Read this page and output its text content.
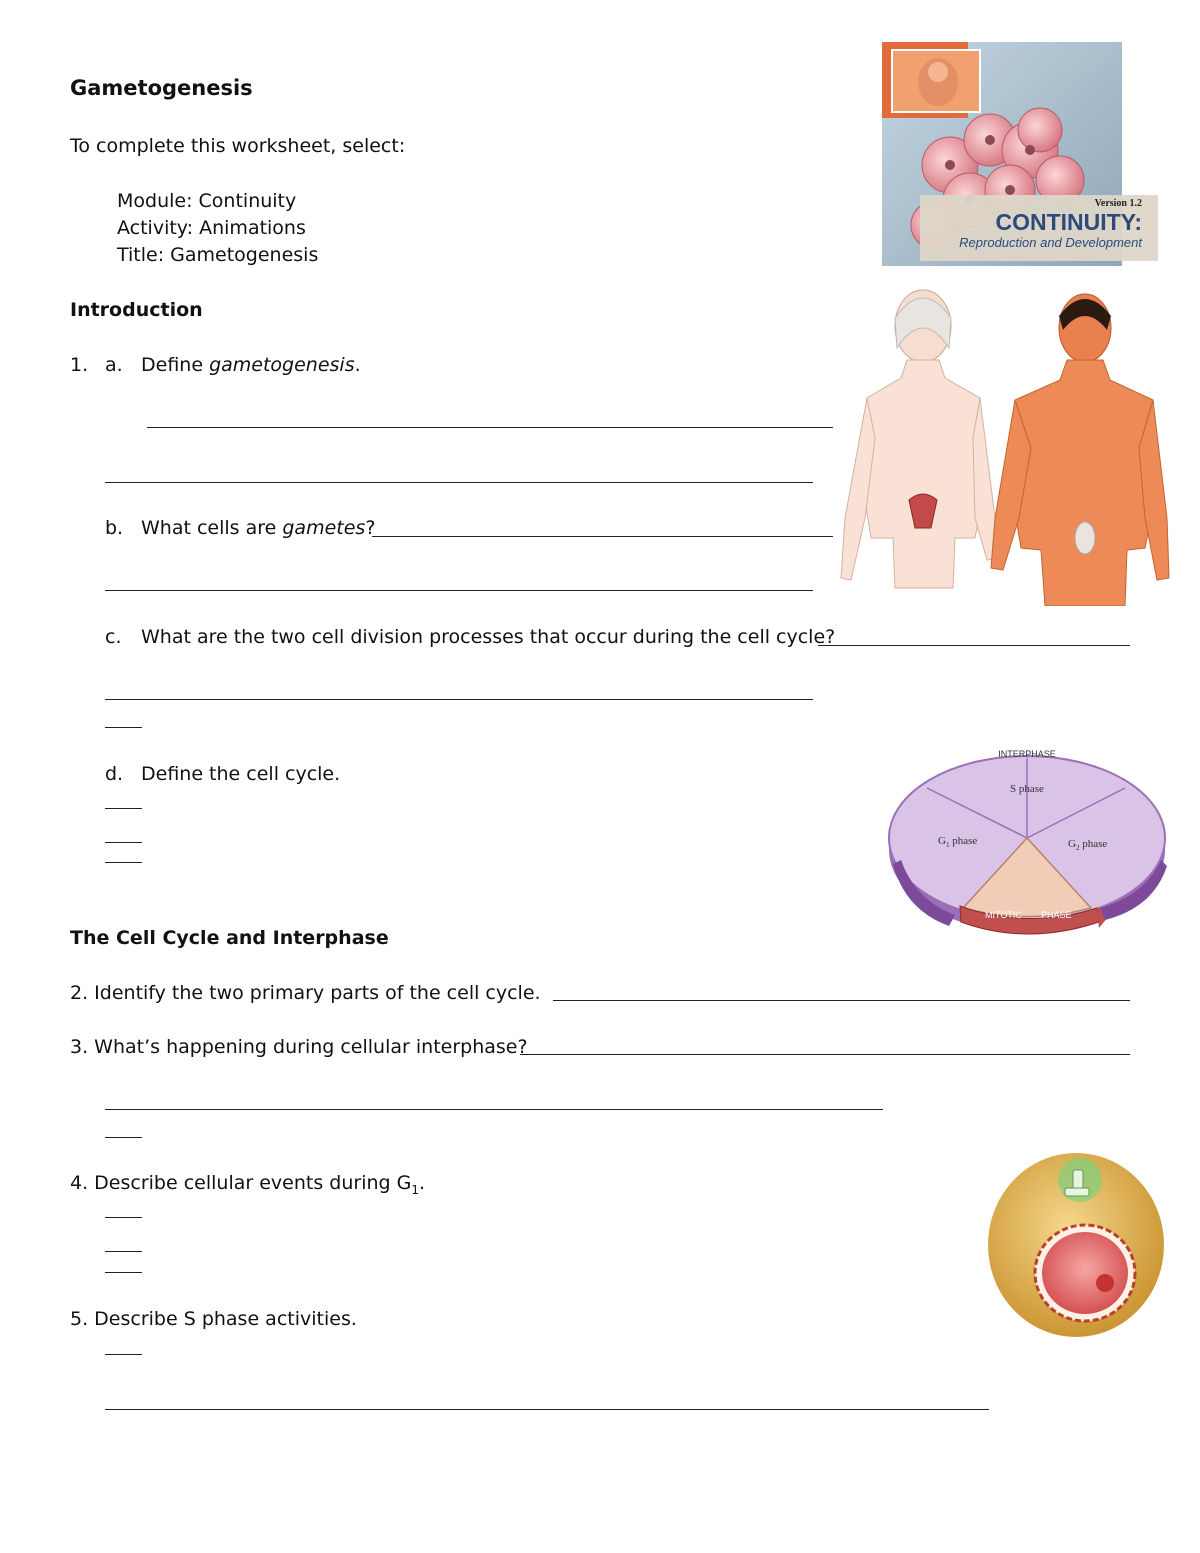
Gametogenesis
To complete this worksheet, select:
Module: Continuity
Activity: Animations
Title: Gametogenesis
Version 1.2
CONTINUITY:
Reproduction and Development
Introduction
1. a. Define gametogenesis.
b. What cells are gametes?
c. What are the two cell division processes that occur during the cell cycle?
d. Define the cell cycle.
INTERPHASE
S phase
$G_1$ phase	$G_2$ phase
MITOTIC PHASE
The Cell Cycle and Interphase
2. Identify the two primary parts of the cell cycle.
3. What’s happening during cellular interphase?
4. Describe cellular events during $G_1$.
5. Describe S phase activities.
